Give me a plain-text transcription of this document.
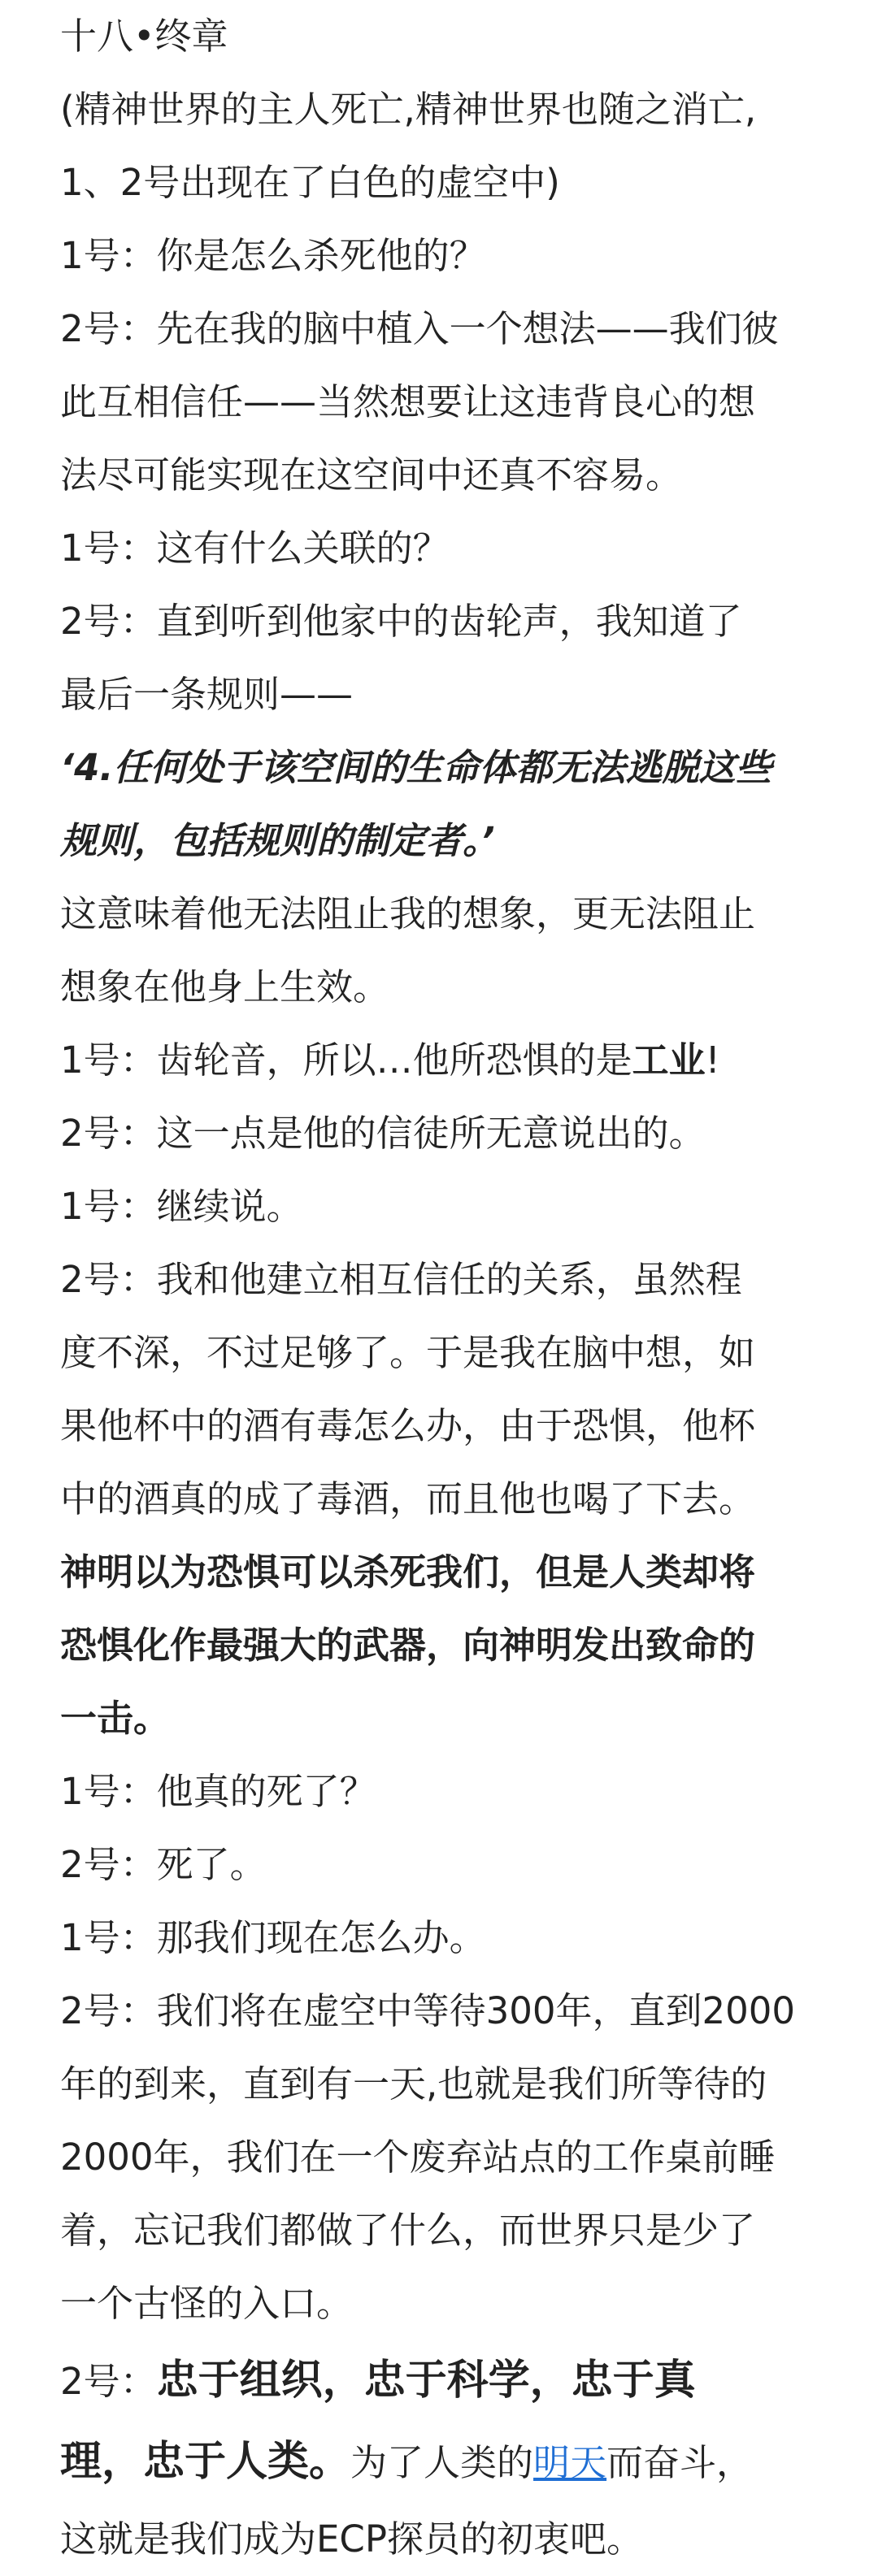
十八•终章
(精神世界的主人死亡,精神世界也随之消亡,
1、2号出现在了白色的虚空中)
1号：你是怎么杀死他的？
2号：先在我的脑中植入一个想法——我们彼
此互相信任——当然想要让这违背良心的想
法尽可能实现在这空间中还真不容易。
1号：这有什么关联的？
2号：直到听到他家中的齿轮声，我知道了
最后一条规则——
‘4.任何处于该空间的生命体都无法逃脱这些
规则，包括规则的制定者。’
这意味着他无法阻止我的想象，更无法阻止
想象在他身上生效。
1号：齿轮音，所以…他所恐惧的是工业!
2号：这一点是他的信徒所无意说出的。
1号：继续说。
2号：我和他建立相互信任的关系，虽然程
度不深，不过足够了。于是我在脑中想，如
果他杯中的酒有毒怎么办，由于恐惧，他杯
中的酒真的成了毒酒，而且他也喝了下去。
神明以为恐惧可以杀死我们，但是人类却将
恐惧化作最强大的武器，向神明发出致命的
一击。
1号：他真的死了？
2号：死了。
1号：那我们现在怎么办。
2号：我们将在虚空中等待300年，直到2000
年的到来，直到有一天,也就是我们所等待的
2000年，我们在一个废弃站点的工作桌前睡
着，忘记我们都做了什么，而世界只是少了
一个古怪的入口。
2号：忠于组织，忠于科学，忠于真
理，忠于人类。为了人类的明天而奋斗，
这就是我们成为ECP探员的初衷吧。
